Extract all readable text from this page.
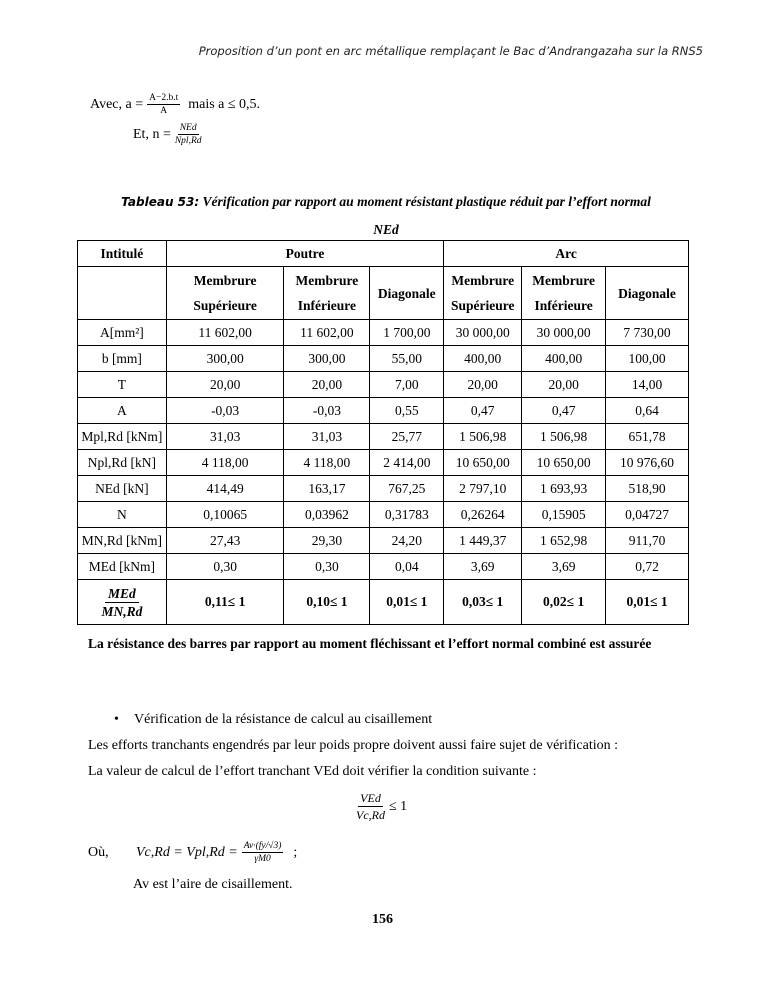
Proposition d’un pont en arc métallique remplaçant le Bac d’Andrangazaha sur la RNS5
Avec, $a = \frac{A-2.b.t}{A}$ mais a ≤ 0,5.
Et, $n = \frac{\text{NEd}}{\text{Npl,Rd}}$
Tableau 53: Vérification par rapport au moment résistant plastique réduit par l’effort normal
NEd
Intitulé	Poutre			Arc		
	Membrure Supérieure	Membrure Inférieure	Diagonale	Membrure Supérieure	Membrure Inférieure	Diagonale
A[mm²]	11 602,00	11 602,00	1 700,00	30 000,00	30 000,00	7 730,00
b [mm]	300,00	300,00	55,00	400,00	400,00	100,00
T	20,00	20,00	7,00	20,00	20,00	14,00
A	-0,03	-0,03	0,55	0,47	0,47	0,64
Mpl,Rd [kNm]	31,03	31,03	25,77	1 506,98	1 506,98	651,78
Npl,Rd [kN]	4 118,00	4 118,00	2 414,00	10 650,00	10 650,00	10 976,60
NEd [kN]	414,49	163,17	767,25	2 797,10	1 693,93	518,90
N	0,10065	0,03962	0,31783	0,26264	0,15905	0,04727
MN,Rd [kNm]	27,43	29,30	24,20	1 449,37	1 652,98	911,70
MEd [kNm]	0,30	0,30	0,04	3,69	3,69	0,72

MEd
MN,Rd	0,11≤ 1	0,10≤ 1	0,01≤ 1	0,03≤ 1	0,02≤ 1	0,01≤ 1
La résistance des barres par rapport au moment fléchissant et l’effort normal combiné est assurée
• Vérification de la résistance de calcul au cisaillement
Les efforts tranchants engendrés par leur poids propre doivent aussi faire sujet de vérification :
La valeur de calcul de l’effort tranchant VEd doit vérifier la condition suivante :
$\frac{\text{VEd}}{Vc,Rd} \le 1$
Où,	$Vc,Rd = Vpl,Rd = \frac{Av\cdot(fy/√3)}{\gamma M0}$ ;
Av est l’aire de cisaillement.
156
